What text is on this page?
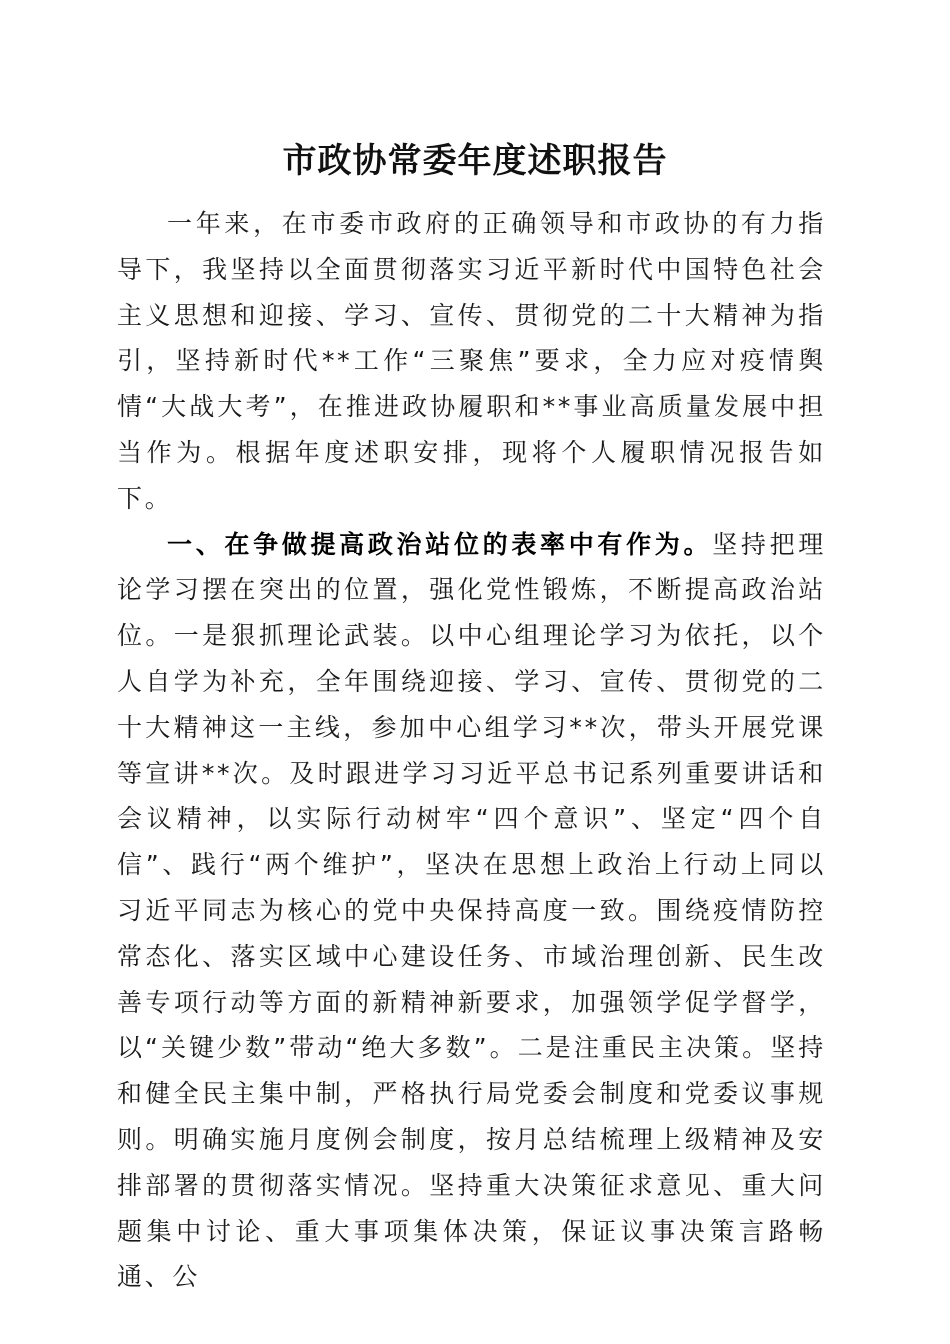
市政协常委年度述职报告

一年来，在市委市政府的正确领导和市政协的有力指导下，我坚持以全面贯彻落实习近平新时代中国特色社会主义思想和迎接、学习、宣传、贯彻党的二十大精神为指引，坚持新时代**工作“三聚焦”要求，全力应对疫情舆情“大战大考”，在推进政协履职和**事业高质量发展中担当作为。根据年度述职安排，现将个人履职情况报告如下。

一、在争做提高政治站位的表率中有作为。坚持把理论学习摆在突出的位置，强化党性锻炼，不断提高政治站位。一是狠抓理论武装。以中心组理论学习为依托，以个人自学为补充，全年围绕迎接、学习、宣传、贯彻党的二十大精神这一主线，参加中心组学习**次，带头开展党课等宣讲**次。及时跟进学习习近平总书记系列重要讲话和会议精神，以实际行动树牢“四个意识”、坚定“四个自信”、践行“两个维护”，坚决在思想上政治上行动上同以习近平同志为核心的党中央保持高度一致。围绕疫情防控常态化、落实区域中心建设任务、市域治理创新、民生改善专项行动等方面的新精神新要求，加强领学促学督学，以“关键少数”带动“绝大多数”。二是注重民主决策。坚持和健全民主集中制，严格执行局党委会制度和党委议事规则。明确实施月度例会制度，按月总结梳理上级精神及安排部署的贯彻落实情况。坚持重大决策征求意见、重大问题集中讨论、重大事项集体决策，保证议事决策言路畅通、公
